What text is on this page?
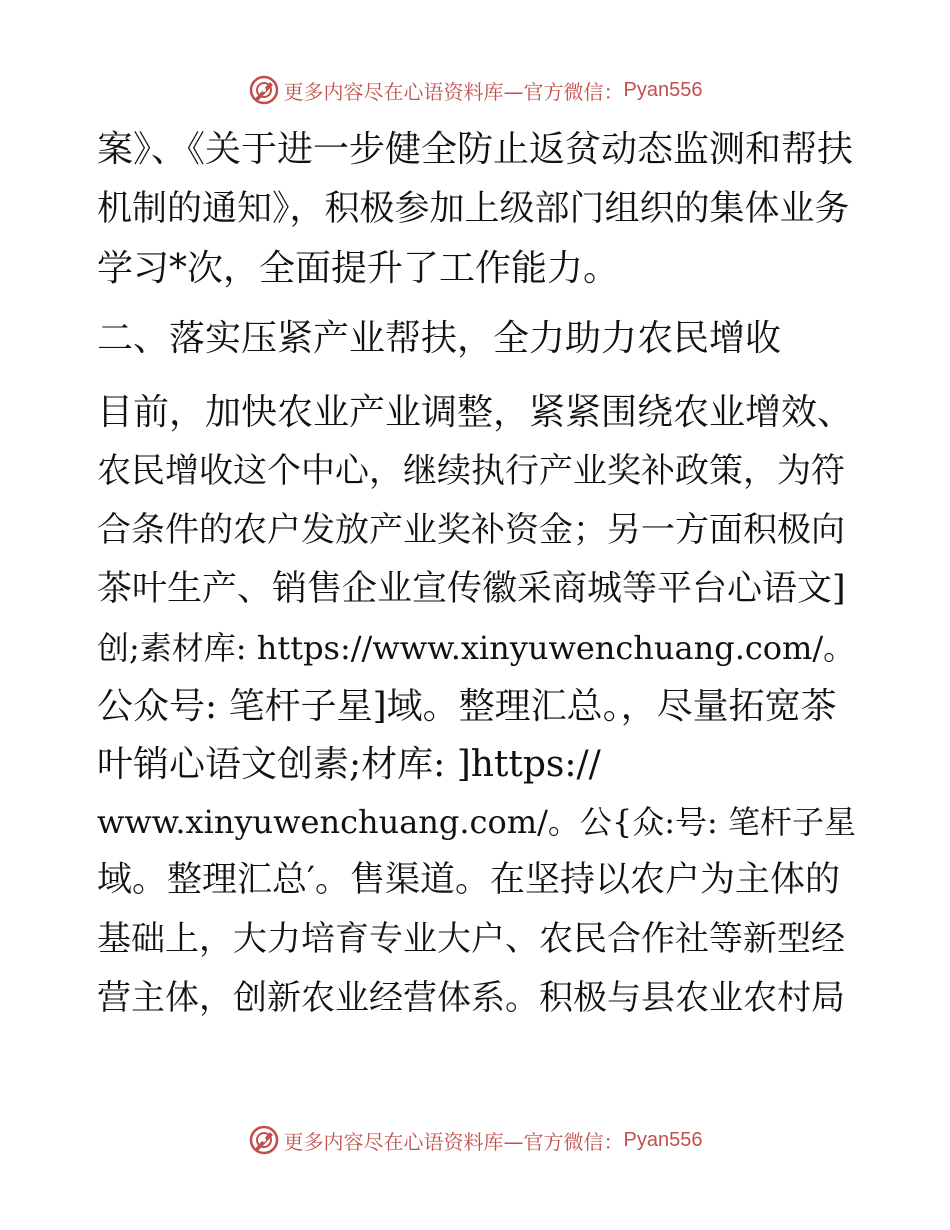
更多内容尽在心语资料库—官方微信： Pyan556
案》、《关于进一步健全防止返贫动态监测和帮扶
机制的通知》，积极参加上级部门组织的集体业务
学习*次，全面提升了工作能力。
二、落实压紧产业帮扶，全力助力农民增收
目前，加快农业产业调整，紧紧围绕农业增效、
农民增收这个中心，继续执行产业奖补政策，为符
合条件的农户发放产业奖补资金；另一方面积极向
茶叶生产、销售企业宣传徽采商城等平台心语文]
创;素材库: https://www.xinyuwenchuang.com/。
公众号: 笔杆子星]域。整理汇总。，尽量拓宽茶
叶销心语文创素;材库: ]https://
www.xinyuwenchuang.com/。公{众:号: 笔杆子星
域。整理汇总′。售渠道。在坚持以农户为主体的
基础上，大力培育专业大户、农民合作社等新型经
营主体，创新农业经营体系。积极与县农业农村局
更多内容尽在心语资料库—官方微信： Pyan556
